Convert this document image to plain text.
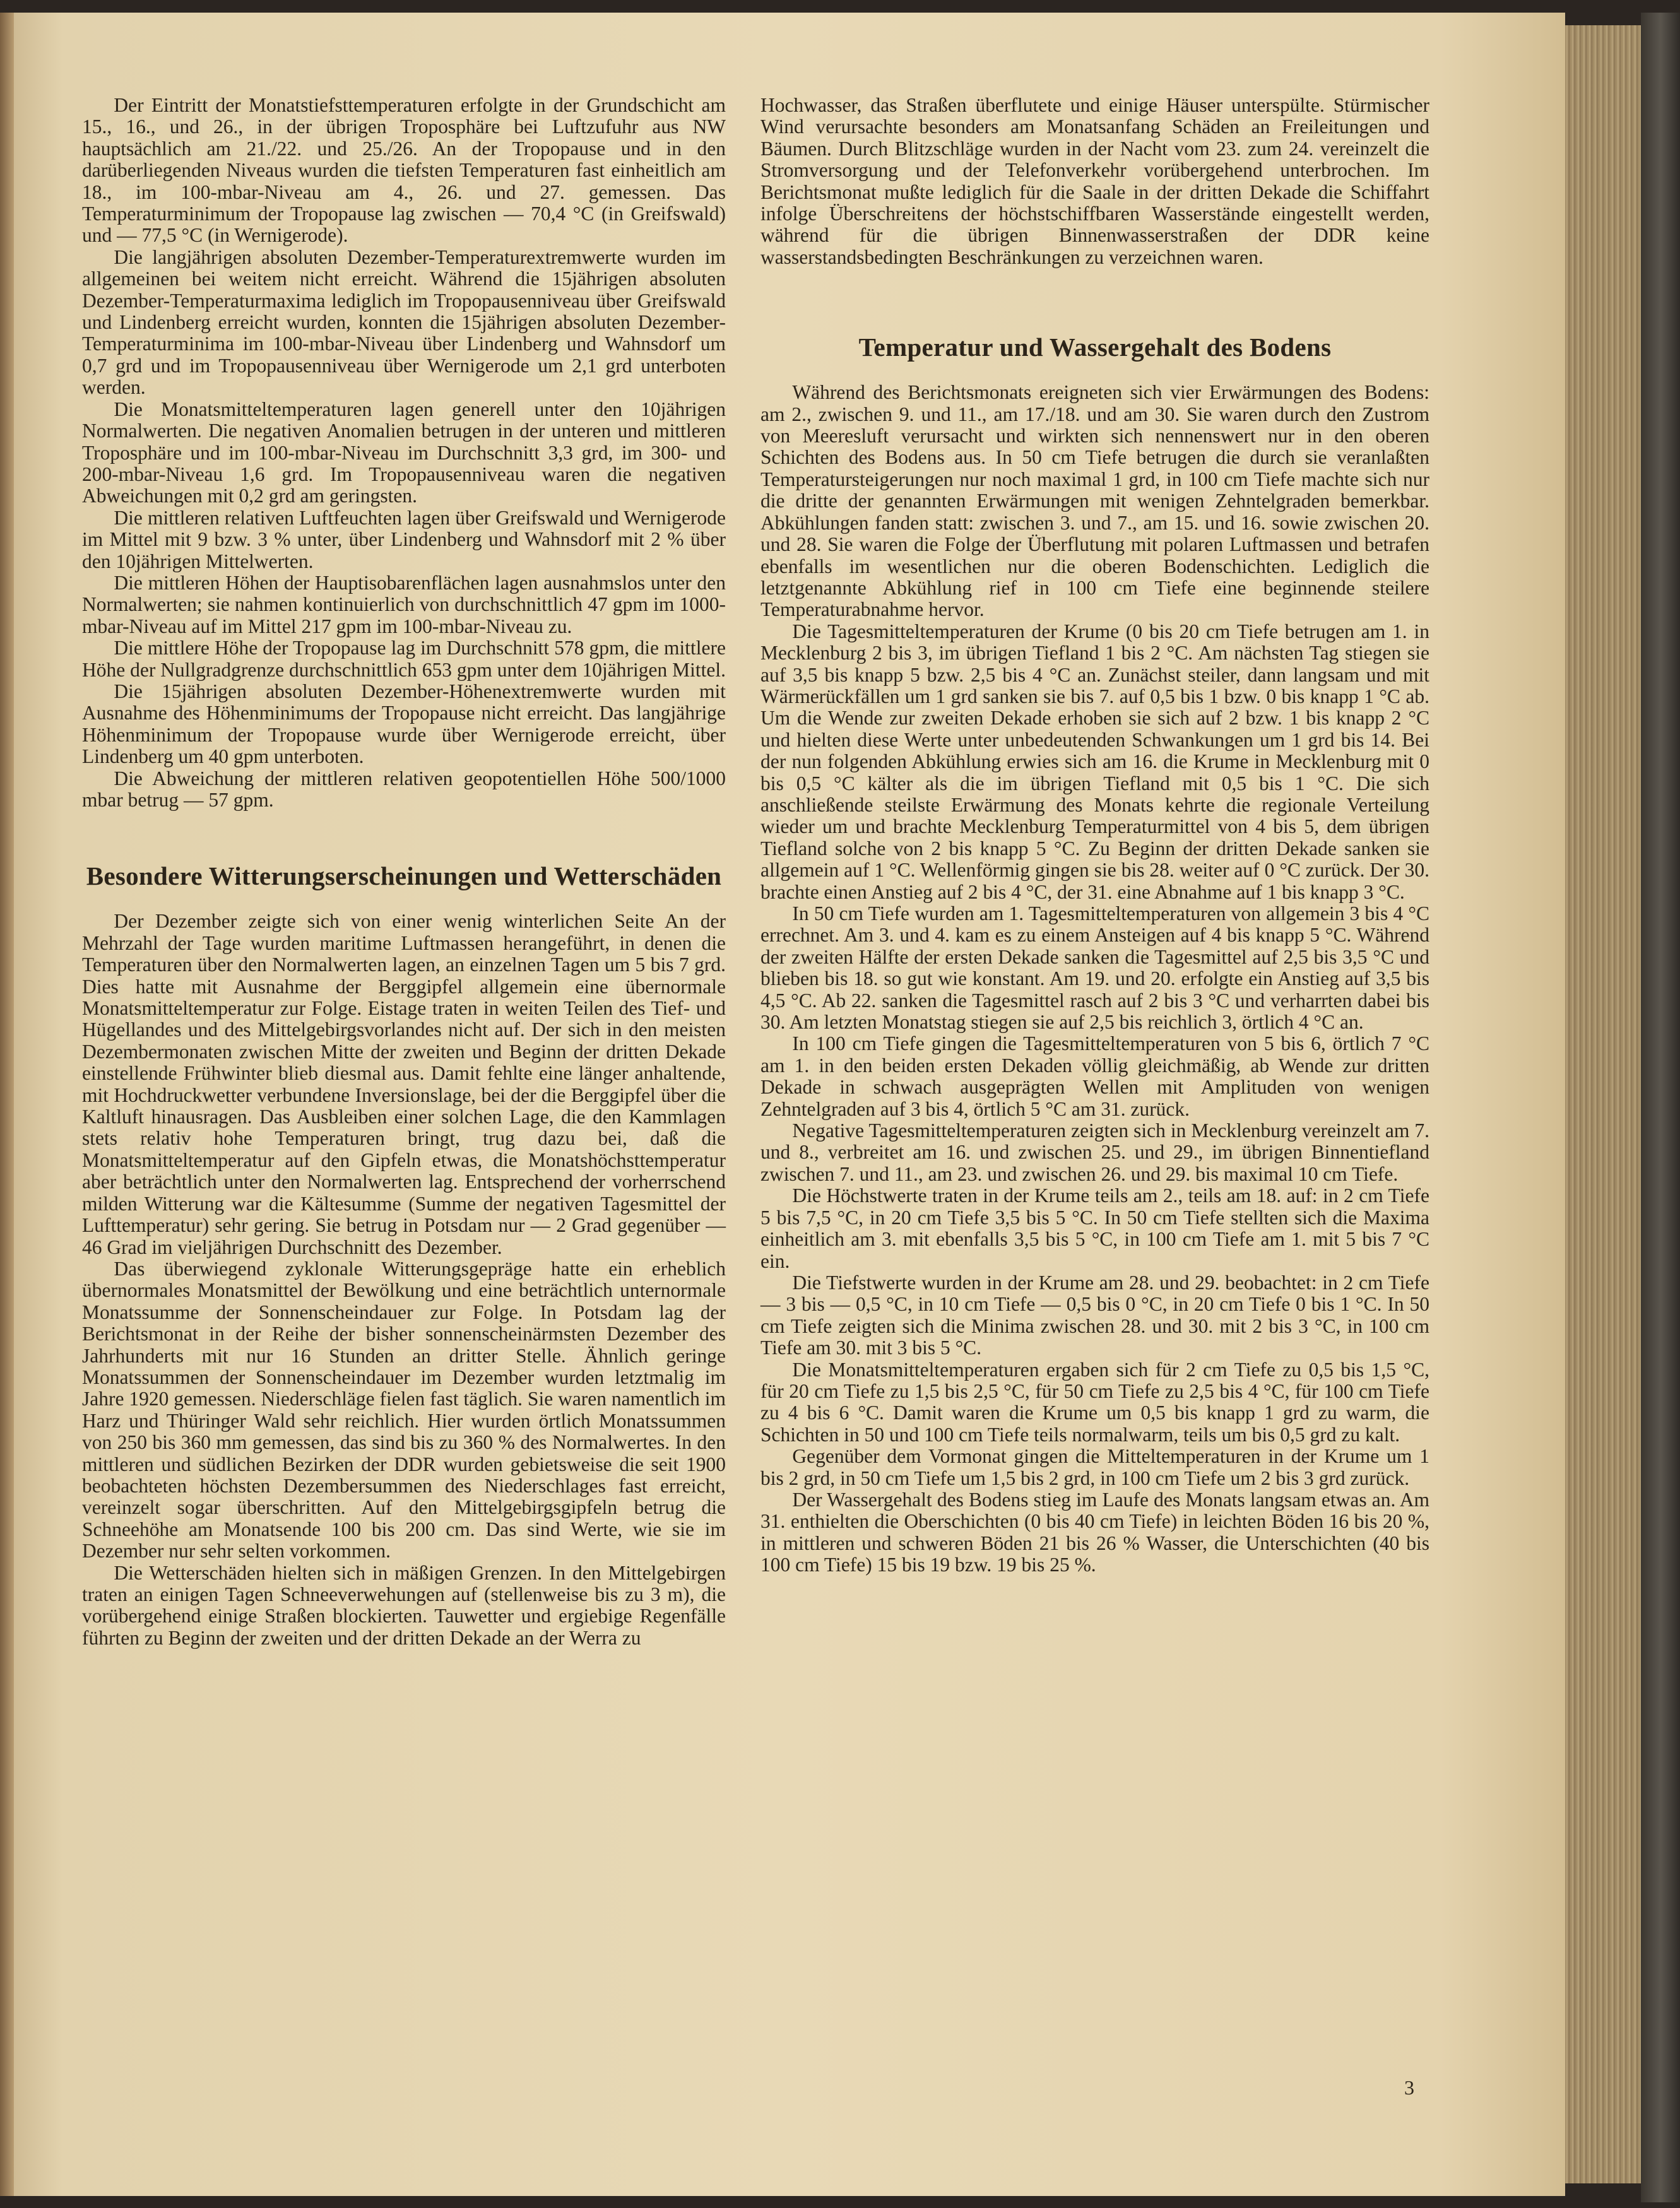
Der Eintritt der Monatstiefsttemperaturen erfolgte in der Grundschicht am 15., 16., und 26., in der übrigen Troposphäre bei Luftzufuhr aus NW hauptsächlich am 21./22. und 25./26. An der Tropopause und in den darüberliegenden Niveaus wurden die tiefsten Temperaturen fast einheitlich am 18., im 100-mbar-Niveau am 4., 26. und 27. gemessen. Das Temperaturminimum der Tropopause lag zwischen — 70,4 °C (in Greifswald) und — 77,5 °C (in Wernigerode).

Die langjährigen absoluten Dezember-Temperaturextremwerte wurden im allgemeinen bei weitem nicht erreicht. Während die 15jährigen absoluten Dezember-Temperaturmaxima lediglich im Tropopausenniveau über Greifswald und Lindenberg erreicht wurden, konnten die 15jährigen absoluten Dezember-Temperaturminima im 100-mbar-Niveau über Lindenberg und Wahnsdorf um 0,7 grd und im Tropopausenniveau über Wernigerode um 2,1 grd unterboten werden.

Die Monatsmitteltemperaturen lagen generell unter den 10jährigen Normalwerten. Die negativen Anomalien betrugen in der unteren und mittleren Troposphäre und im 100-mbar-Niveau im Durchschnitt 3,3 grd, im 300- und 200-mbar-Niveau 1,6 grd. Im Tropopausenniveau waren die negativen Abweichungen mit 0,2 grd am geringsten.

Die mittleren relativen Luftfeuchten lagen über Greifswald und Wernigerode im Mittel mit 9 bzw. 3 % unter, über Lindenberg und Wahnsdorf mit 2 % über den 10jährigen Mittelwerten.

Die mittleren Höhen der Hauptisobarenflächen lagen ausnahmslos unter den Normalwerten; sie nahmen kontinuierlich von durchschnittlich 47 gpm im 1000-mbar-Niveau auf im Mittel 217 gpm im 100-mbar-Niveau zu.

Die mittlere Höhe der Tropopause lag im Durchschnitt 578 gpm, die mittlere Höhe der Nullgradgrenze durchschnittlich 653 gpm unter dem 10jährigen Mittel.

Die 15jährigen absoluten Dezember-Höhenextremwerte wurden mit Ausnahme des Höhenminimums der Tropopause nicht erreicht. Das langjährige Höhenminimum der Tropopause wurde über Wernigerode erreicht, über Lindenberg um 40 gpm unterboten.

Die Abweichung der mittleren relativen geopotentiellen Höhe 500/1000 mbar betrug — 57 gpm.

Besondere Witterungserscheinungen und Wetterschäden

Der Dezember zeigte sich von einer wenig winterlichen Seite An der Mehrzahl der Tage wurden maritime Luftmassen herangeführt, in denen die Temperaturen über den Normalwerten lagen, an einzelnen Tagen um 5 bis 7 grd. Dies hatte mit Ausnahme der Berggipfel allgemein eine übernormale Monatsmitteltemperatur zur Folge. Eistage traten in weiten Teilen des Tief- und Hügellandes und des Mittelgebirgsvorlandes nicht auf. Der sich in den meisten Dezembermonaten zwischen Mitte der zweiten und Beginn der dritten Dekade einstellende Frühwinter blieb diesmal aus. Damit fehlte eine länger anhaltende, mit Hochdruckwetter verbundene Inversionslage, bei der die Berggipfel über die Kaltluft hinausragen. Das Ausbleiben einer solchen Lage, die den Kammlagen stets relativ hohe Temperaturen bringt, trug dazu bei, daß die Monatsmitteltemperatur auf den Gipfeln etwas, die Monatshöchsttemperatur aber beträchtlich unter den Normalwerten lag. Entsprechend der vorherrschend milden Witterung war die Kältesumme (Summe der negativen Tagesmittel der Lufttemperatur) sehr gering. Sie betrug in Potsdam nur — 2 Grad gegenüber — 46 Grad im vieljährigen Durchschnitt des Dezember.

Das überwiegend zyklonale Witterungsgepräge hatte ein erheblich übernormales Monatsmittel der Bewölkung und eine beträchtlich unternormale Monatssumme der Sonnenscheindauer zur Folge. In Potsdam lag der Berichtsmonat in der Reihe der bisher sonnenscheinärmsten Dezember des Jahrhunderts mit nur 16 Stunden an dritter Stelle. Ähnlich geringe Monatssummen der Sonnenscheindauer im Dezember wurden letztmalig im Jahre 1920 gemessen. Niederschläge fielen fast täglich. Sie waren namentlich im Harz und Thüringer Wald sehr reichlich. Hier wurden örtlich Monatssummen von 250 bis 360 mm gemessen, das sind bis zu 360 % des Normalwertes. In den mittleren und südlichen Bezirken der DDR wurden gebietsweise die seit 1900 beobachteten höchsten Dezembersummen des Niederschlages fast erreicht, vereinzelt sogar überschritten. Auf den Mittelgebirgsgipfeln betrug die Schneehöhe am Monatsende 100 bis 200 cm. Das sind Werte, wie sie im Dezember nur sehr selten vorkommen.

Die Wetterschäden hielten sich in mäßigen Grenzen. In den Mittelgebirgen traten an einigen Tagen Schneeverwehungen auf (stellenweise bis zu 3 m), die vorübergehend einige Straßen blockierten. Tauwetter und ergiebige Regenfälle führten zu Beginn der zweiten und der dritten Dekade an der Werra zu

Hochwasser, das Straßen überflutete und einige Häuser unterspülte. Stürmischer Wind verursachte besonders am Monatsanfang Schäden an Freileitungen und Bäumen. Durch Blitzschläge wurden in der Nacht vom 23. zum 24. vereinzelt die Stromversorgung und der Telefonverkehr vorübergehend unterbrochen. Im Berichtsmonat mußte lediglich für die Saale in der dritten Dekade die Schiffahrt infolge Überschreitens der höchstschiffbaren Wasserstände eingestellt werden, während für die übrigen Binnenwasserstraßen der DDR keine wasserstandsbedingten Beschränkungen zu verzeichnen waren.

Temperatur und Wassergehalt des Bodens

Während des Berichtsmonats ereigneten sich vier Erwärmungen des Bodens: am 2., zwischen 9. und 11., am 17./18. und am 30. Sie waren durch den Zustrom von Meeresluft verursacht und wirkten sich nennenswert nur in den oberen Schichten des Bodens aus. In 50 cm Tiefe betrugen die durch sie veranlaßten Temperatursteigerungen nur noch maximal 1 grd, in 100 cm Tiefe machte sich nur die dritte der genannten Erwärmungen mit wenigen Zehntelgraden bemerkbar. Abkühlungen fanden statt: zwischen 3. und 7., am 15. und 16. sowie zwischen 20. und 28. Sie waren die Folge der Überflutung mit polaren Luftmassen und betrafen ebenfalls im wesentlichen nur die oberen Bodenschichten. Lediglich die letztgenannte Abkühlung rief in 100 cm Tiefe eine beginnende steilere Temperaturabnahme hervor.

Die Tagesmitteltemperaturen der Krume (0 bis 20 cm Tiefe betrugen am 1. in Mecklenburg 2 bis 3, im übrigen Tiefland 1 bis 2 °C. Am nächsten Tag stiegen sie auf 3,5 bis knapp 5 bzw. 2,5 bis 4 °C an. Zunächst steiler, dann langsam und mit Wärmerückfällen um 1 grd sanken sie bis 7. auf 0,5 bis 1 bzw. 0 bis knapp 1 °C ab. Um die Wende zur zweiten Dekade erhoben sie sich auf 2 bzw. 1 bis knapp 2 °C und hielten diese Werte unter unbedeutenden Schwankungen um 1 grd bis 14. Bei der nun folgenden Abkühlung erwies sich am 16. die Krume in Mecklenburg mit 0 bis 0,5 °C kälter als die im übrigen Tiefland mit 0,5 bis 1 °C. Die sich anschließende steilste Erwärmung des Monats kehrte die regionale Verteilung wieder um und brachte Mecklenburg Temperaturmittel von 4 bis 5, dem übrigen Tiefland solche von 2 bis knapp 5 °C. Zu Beginn der dritten Dekade sanken sie allgemein auf 1 °C. Wellenförmig gingen sie bis 28. weiter auf 0 °C zurück. Der 30. brachte einen Anstieg auf 2 bis 4 °C, der 31. eine Abnahme auf 1 bis knapp 3 °C.

In 50 cm Tiefe wurden am 1. Tagesmitteltemperaturen von allgemein 3 bis 4 °C errechnet. Am 3. und 4. kam es zu einem Ansteigen auf 4 bis knapp 5 °C. Während der zweiten Hälfte der ersten Dekade sanken die Tagesmittel auf 2,5 bis 3,5 °C und blieben bis 18. so gut wie konstant. Am 19. und 20. erfolgte ein Anstieg auf 3,5 bis 4,5 °C. Ab 22. sanken die Tagesmittel rasch auf 2 bis 3 °C und verharrten dabei bis 30. Am letzten Monatstag stiegen sie auf 2,5 bis reichlich 3, örtlich 4 °C an.

In 100 cm Tiefe gingen die Tagesmitteltemperaturen von 5 bis 6, örtlich 7 °C am 1. in den beiden ersten Dekaden völlig gleichmäßig, ab Wende zur dritten Dekade in schwach ausgeprägten Wellen mit Amplituden von wenigen Zehntelgraden auf 3 bis 4, örtlich 5 °C am 31. zurück.

Negative Tagesmitteltemperaturen zeigten sich in Mecklenburg vereinzelt am 7. und 8., verbreitet am 16. und zwischen 25. und 29., im übrigen Binnentiefland zwischen 7. und 11., am 23. und zwischen 26. und 29. bis maximal 10 cm Tiefe.

Die Höchstwerte traten in der Krume teils am 2., teils am 18. auf: in 2 cm Tiefe 5 bis 7,5 °C, in 20 cm Tiefe 3,5 bis 5 °C. In 50 cm Tiefe stellten sich die Maxima einheitlich am 3. mit ebenfalls 3,5 bis 5 °C, in 100 cm Tiefe am 1. mit 5 bis 7 °C ein.

Die Tiefstwerte wurden in der Krume am 28. und 29. beobachtet: in 2 cm Tiefe — 3 bis — 0,5 °C, in 10 cm Tiefe — 0,5 bis 0 °C, in 20 cm Tiefe 0 bis 1 °C. In 50 cm Tiefe zeigten sich die Minima zwischen 28. und 30. mit 2 bis 3 °C, in 100 cm Tiefe am 30. mit 3 bis 5 °C.

Die Monatsmitteltemperaturen ergaben sich für 2 cm Tiefe zu 0,5 bis 1,5 °C, für 20 cm Tiefe zu 1,5 bis 2,5 °C, für 50 cm Tiefe zu 2,5 bis 4 °C, für 100 cm Tiefe zu 4 bis 6 °C. Damit waren die Krume um 0,5 bis knapp 1 grd zu warm, die Schichten in 50 und 100 cm Tiefe teils normalwarm, teils um bis 0,5 grd zu kalt.

Gegenüber dem Vormonat gingen die Mitteltemperaturen in der Krume um 1 bis 2 grd, in 50 cm Tiefe um 1,5 bis 2 grd, in 100 cm Tiefe um 2 bis 3 grd zurück.

Der Wassergehalt des Bodens stieg im Laufe des Monats langsam etwas an. Am 31. enthielten die Oberschichten (0 bis 40 cm Tiefe) in leichten Böden 16 bis 20 %, in mittleren und schweren Böden 21 bis 26 % Wasser, die Unterschichten (40 bis 100 cm Tiefe) 15 bis 19 bzw. 19 bis 25 %.

3
